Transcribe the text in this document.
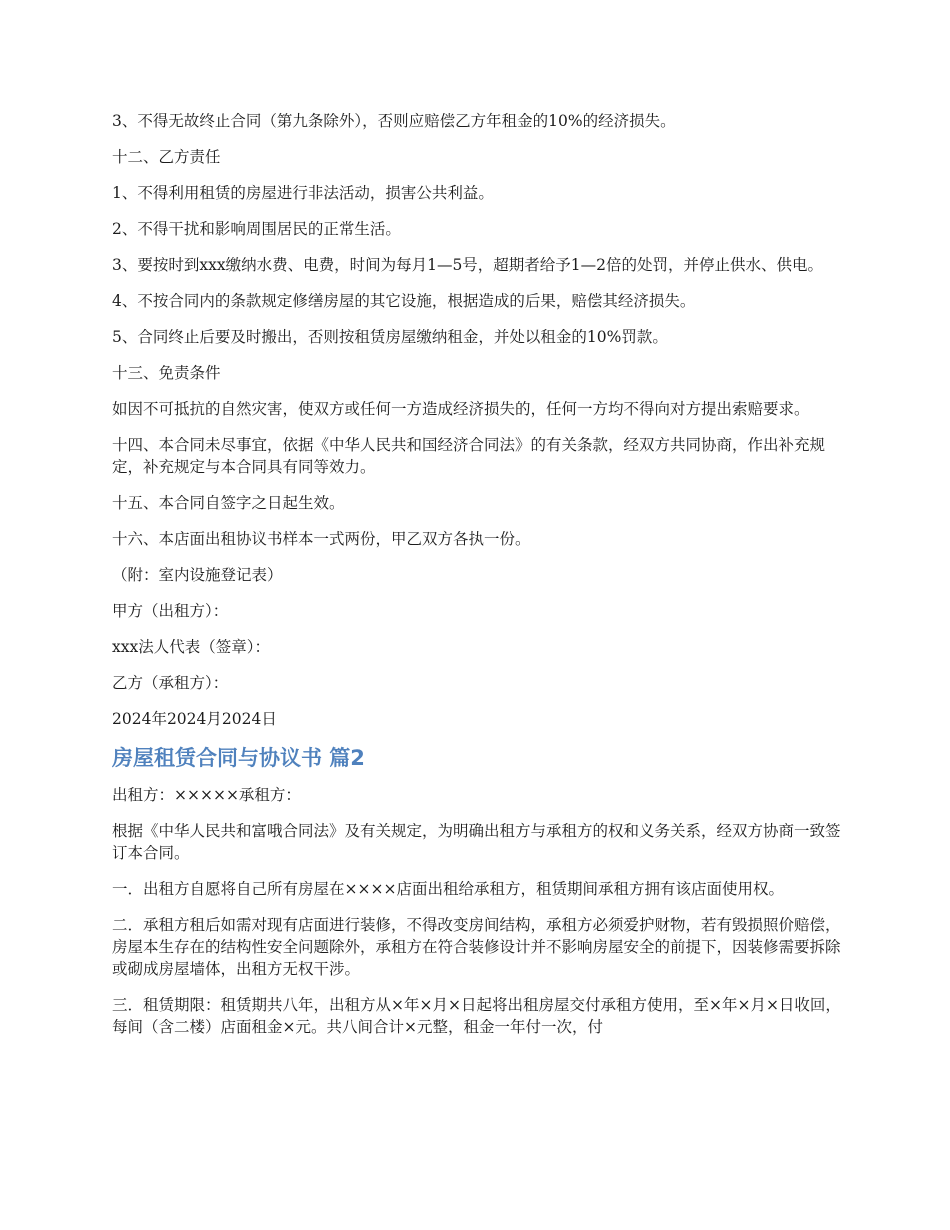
3、不得无故终止合同（第九条除外），否则应赔偿乙方年租金的10%的经济损失。

十二、乙方责任

1、不得利用租赁的房屋进行非法活动，损害公共利益。

2、不得干扰和影响周围居民的正常生活。

3、要按时到xxx缴纳水费、电费，时间为每月1—5号，超期者给予1—2倍的处罚，并停止供水、供电。

4、不按合同内的条款规定修缮房屋的其它设施，根据造成的后果，赔偿其经济损失。

5、合同终止后要及时搬出，否则按租赁房屋缴纳租金，并处以租金的10%罚款。

十三、免责条件

如因不可抵抗的自然灾害，使双方或任何一方造成经济损失的，任何一方均不得向对方提出索赔要求。

十四、本合同未尽事宜，依据《中华人民共和国经济合同法》的有关条款，经双方共同协商，作出补充规定，补充规定与本合同具有同等效力。

十五、本合同自签字之日起生效。

十六、本店面出租协议书样本一式两份，甲乙双方各执一份。

（附：室内设施登记表）

甲方（出租方）：

xxx法人代表（签章）：

乙方（承租方）：

2024年2024月2024日

房屋租赁合同与协议书 篇2

出租方：×××××承租方：

根据《中华人民共和富哦合同法》及有关规定，为明确出租方与承租方的权和义务关系，经双方协商一致签订本合同。

一．出租方自愿将自己所有房屋在××××店面出租给承租方，租赁期间承租方拥有该店面使用权。

二．承租方租后如需对现有店面进行装修，不得改变房间结构，承租方必须爱护财物，若有毁损照价赔偿，房屋本生存在的结构性安全问题除外，承租方在符合装修设计并不影响房屋安全的前提下，因装修需要拆除或砌成房屋墙体，出租方无权干涉。

三．租赁期限：租赁期共八年，出租方从×年×月×日起将出租房屋交付承租方使用，至×年×月×日收回，每间（含二楼）店面租金×元。共八间合计×元整，租金一年付一次，付
